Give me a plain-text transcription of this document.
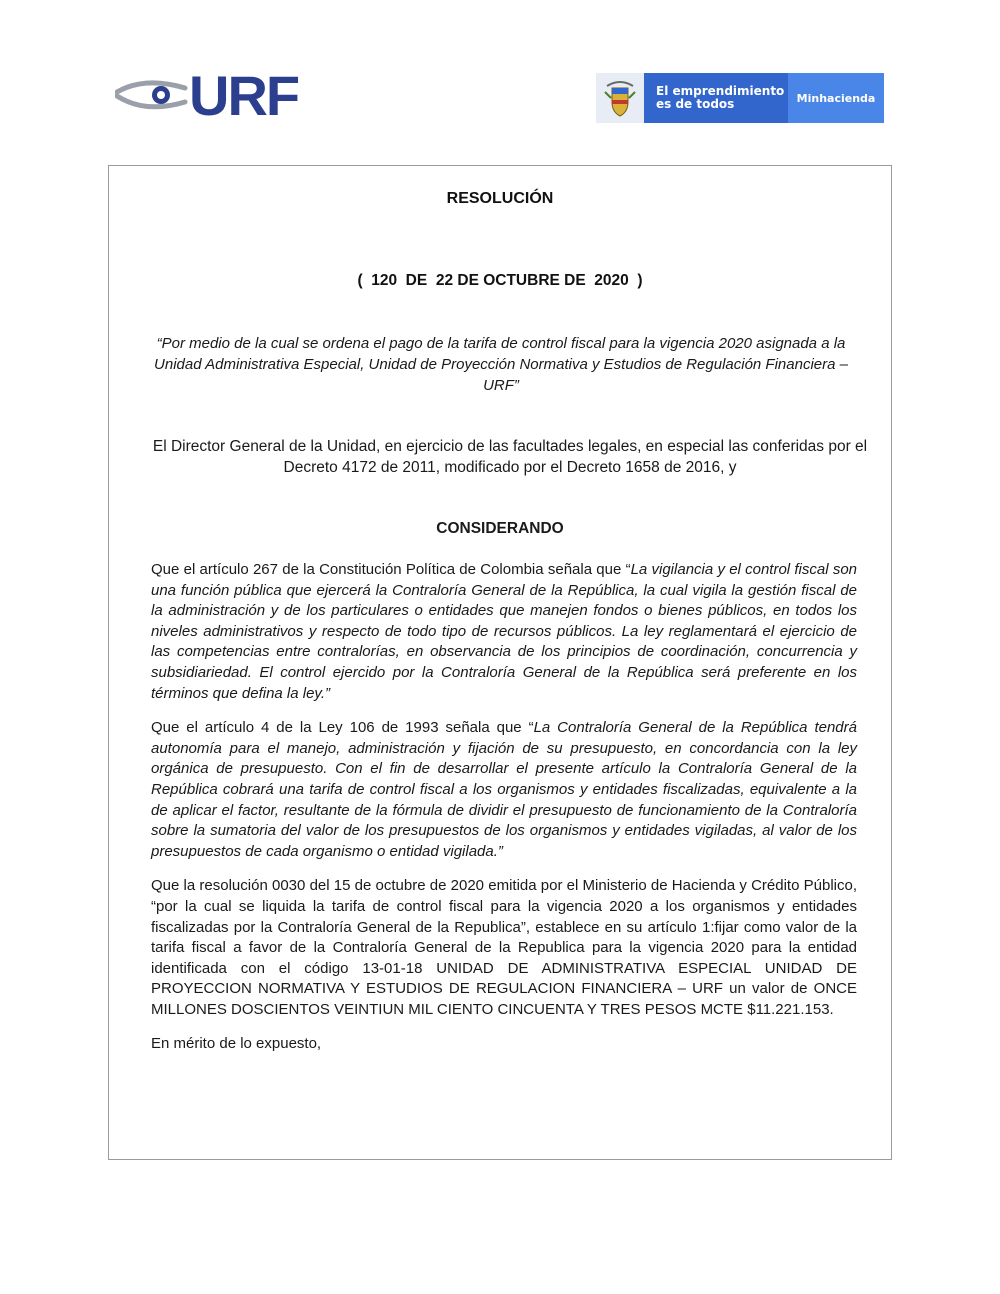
URF	El emprendimiento
es de todos	Minhacienda
RESOLUCIÓN
(  120  DE  22 DE OCTUBRE DE  2020  )
“Por medio de la cual se ordena el pago de la tarifa de control fiscal para la vigencia 2020 asignada a la Unidad Administrativa Especial, Unidad de Proyección Normativa y Estudios de Regulación Financiera – URF”
El Director General de la Unidad, en ejercicio de las facultades legales, en especial las conferidas por el Decreto 4172 de 2011, modificado por el Decreto 1658 de 2016, y
CONSIDERANDO

Que el artículo 267 de la Constitución Política de Colombia señala que “La vigilancia y el control fiscal son una función pública que ejercerá la Contraloría General de la República, la cual vigila la gestión fiscal de la administración y de los particulares o entidades que manejen fondos o bienes públicos, en todos los niveles administrativos y respecto de todo tipo de recursos públicos. La ley reglamentará el ejercicio de las competencias entre contralorías, en observancia de los principios de coordinación, concurrencia y subsidiariedad. El control ejercido por la Contraloría General de la República será preferente en los términos que defina la ley.”

Que el artículo 4 de la Ley 106 de 1993 señala que “La Contraloría General de la República tendrá autonomía para el manejo, administración y fijación de su presupuesto, en concordancia con la ley orgánica de presupuesto. Con el fin de desarrollar el presente artículo la Contraloría General de la República cobrará una tarifa de control fiscal a los organismos y entidades fiscalizadas, equivalente a la de aplicar el factor, resultante de la fórmula de dividir el presupuesto de funcionamiento de la Contraloría sobre la sumatoria del valor de los presupuestos de los organismos y entidades vigiladas, al valor de los presupuestos de cada organismo o entidad vigilada.”

Que la resolución 0030 del 15 de octubre de 2020 emitida por el Ministerio de Hacienda y Crédito Público, “por la cual se liquida la tarifa de control fiscal para la vigencia 2020 a los organismos y entidades fiscalizadas por la Contraloría General de la Republica”, establece en su artículo 1:fijar como valor de la tarifa fiscal a favor de la Contraloría General de la Republica para la vigencia 2020 para la entidad identificada con el código 13-01-18 UNIDAD DE ADMINISTRATIVA ESPECIAL UNIDAD DE PROYECCION NORMATIVA Y ESTUDIOS DE REGULACION FINANCIERA – URF un valor de ONCE MILLONES DOSCIENTOS VEINTIUN MIL CIENTO CINCUENTA Y TRES PESOS MCTE $11.221.153.

En mérito de lo expuesto,
